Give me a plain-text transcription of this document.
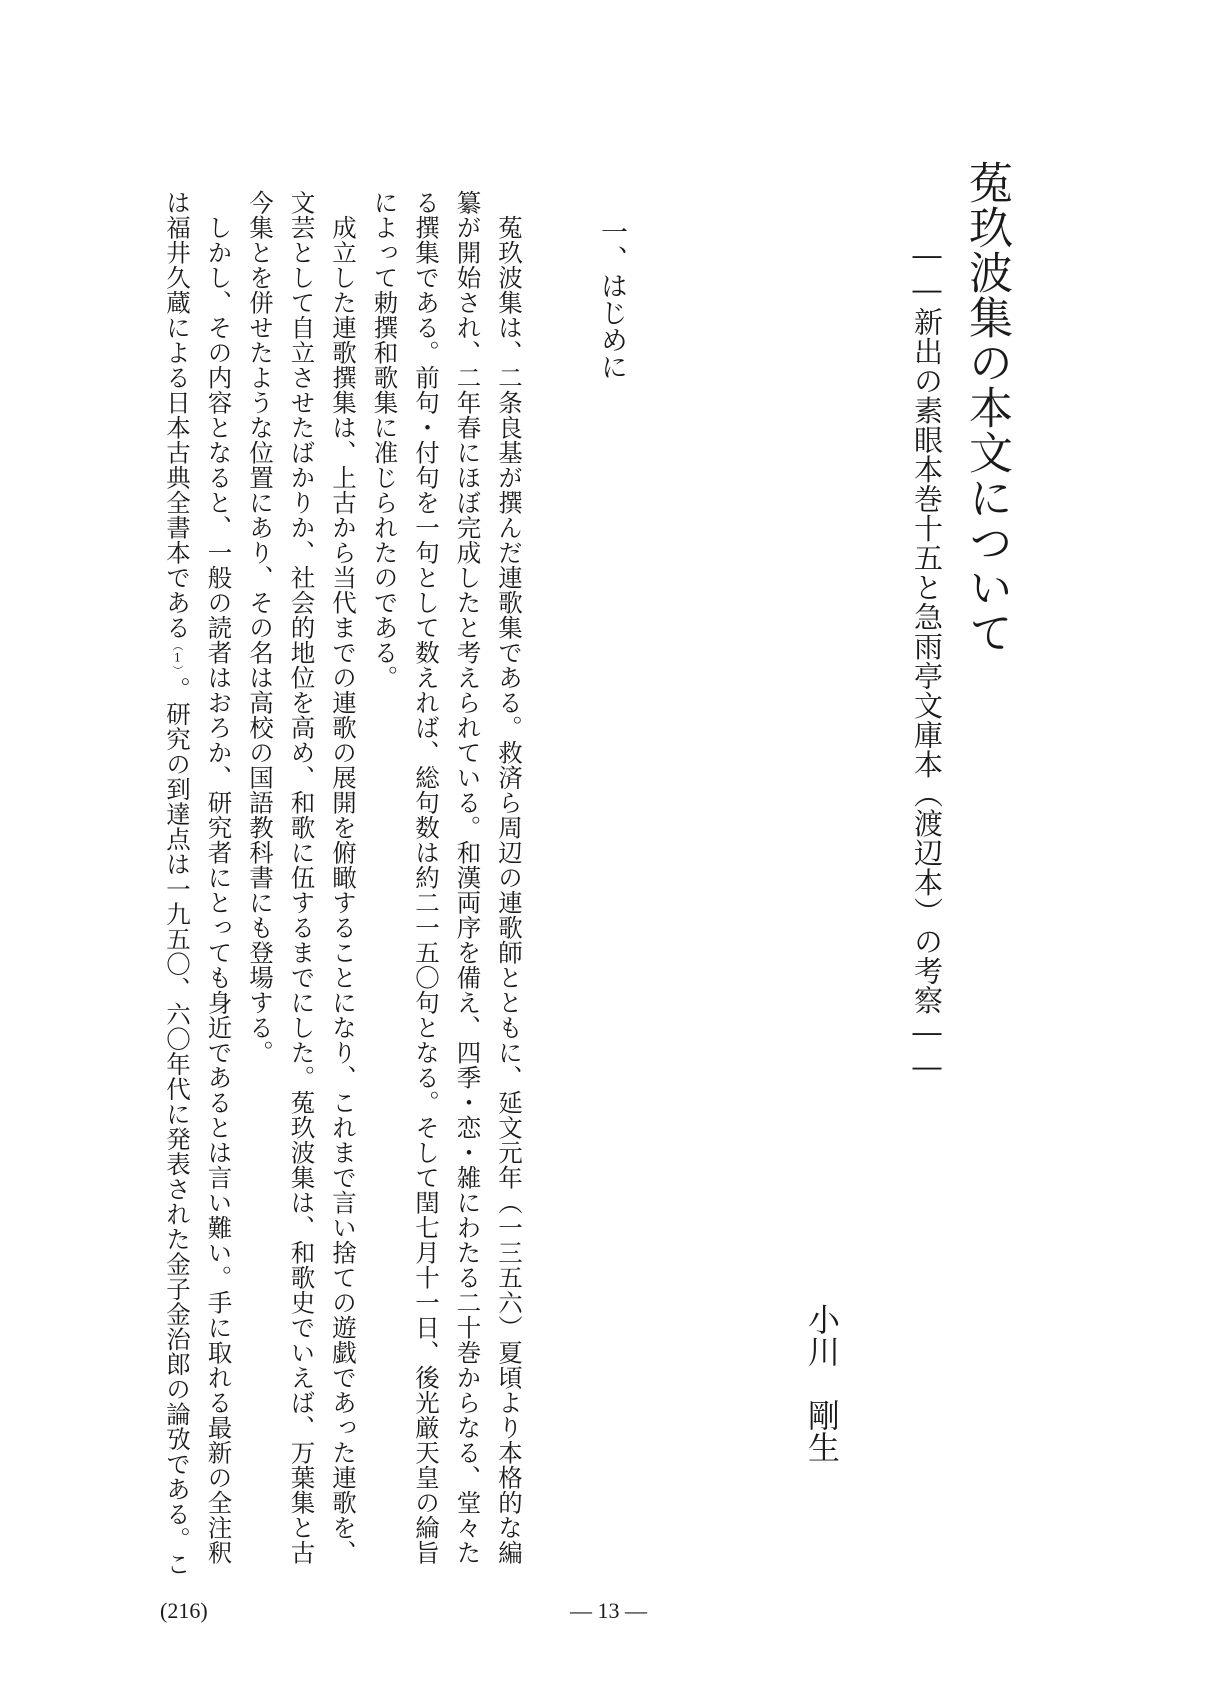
菟玖波集の本文について
――新出の素眼本巻十五と急雨亭文庫本（渡辺本）の考察――
小川　剛生
一、はじめに
　菟玖波集は、二条良基が撰んだ連歌集である。救済ら周辺の連歌師とともに、延文元年（一三五六）夏頃より本格的な編
纂が開始され、二年春にほぼ完成したと考えられている。和漢両序を備え、四季・恋・雑にわたる二十巻からなる、堂々た
る撰集である。前句・付句を一句として数えれば、総句数は約二一五〇句となる。そして閏七月十一日、後光厳天皇の綸旨
によって勅撰和歌集に准じられたのである。
　成立した連歌撰集は、上古から当代までの連歌の展開を俯瞰することになり、これまで言い捨ての遊戯であった連歌を、
文芸として自立させたばかりか、社会的地位を高め、和歌に伍するまでにした。菟玖波集は、和歌史でいえば、万葉集と古
今集とを併せたような位置にあり、その名は高校の国語教科書にも登場する。
　しかし、その内容となると、一般の読者はおろか、研究者にとっても身近であるとは言い難い。手に取れる最新の全注釈
は福井久蔵による日本古典全書本である（1）。研究の到達点は一九五〇、六〇年代に発表された金子金治郎の論攷である。こ
(216)	― 13 ―
